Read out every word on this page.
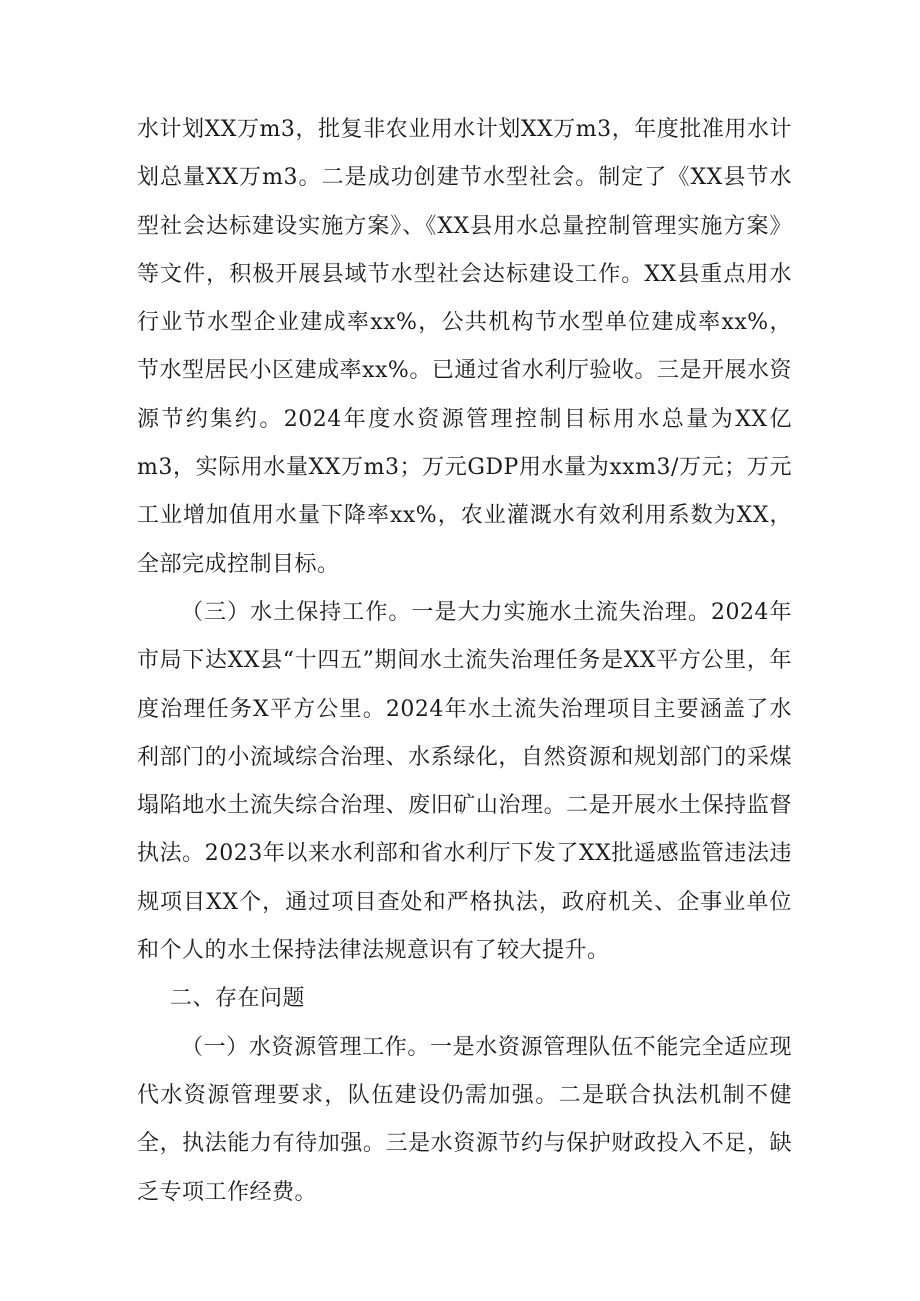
水计划XX万m3，批复非农业用水计划XX万m3，年度批准用水计划总量XX万m3。二是成功创建节水型社会。制定了《XX县节水型社会达标建设实施方案》、《XX县用水总量控制管理实施方案》等文件，积极开展县域节水型社会达标建设工作。XX县重点用水行业节水型企业建成率xx%，公共机构节水型单位建成率xx%，节水型居民小区建成率xx%。已通过省水利厅验收。三是开展水资源节约集约。2024年度水资源管理控制目标用水总量为XX亿m3，实际用水量XX万m3；万元GDP用水量为xxm3/万元；万元工业增加值用水量下降率xx%，农业灌溉水有效利用系数为XX，全部完成控制目标。

（三）水土保持工作。一是大力实施水土流失治理。2024年市局下达XX县“十四五”期间水土流失治理任务是XX平方公里，年度治理任务X平方公里。2024年水土流失治理项目主要涵盖了水利部门的小流域综合治理、水系绿化，自然资源和规划部门的采煤塌陷地水土流失综合治理、废旧矿山治理。二是开展水土保持监督执法。2023年以来水利部和省水利厅下发了XX批遥感监管违法违规项目XX个，通过项目查处和严格执法，政府机关、企事业单位和个人的水土保持法律法规意识有了较大提升。

二、存在问题

（一）水资源管理工作。一是水资源管理队伍不能完全适应现代水资源管理要求，队伍建设仍需加强。二是联合执法机制不健全，执法能力有待加强。三是水资源节约与保护财政投入不足，缺乏专项工作经费。
